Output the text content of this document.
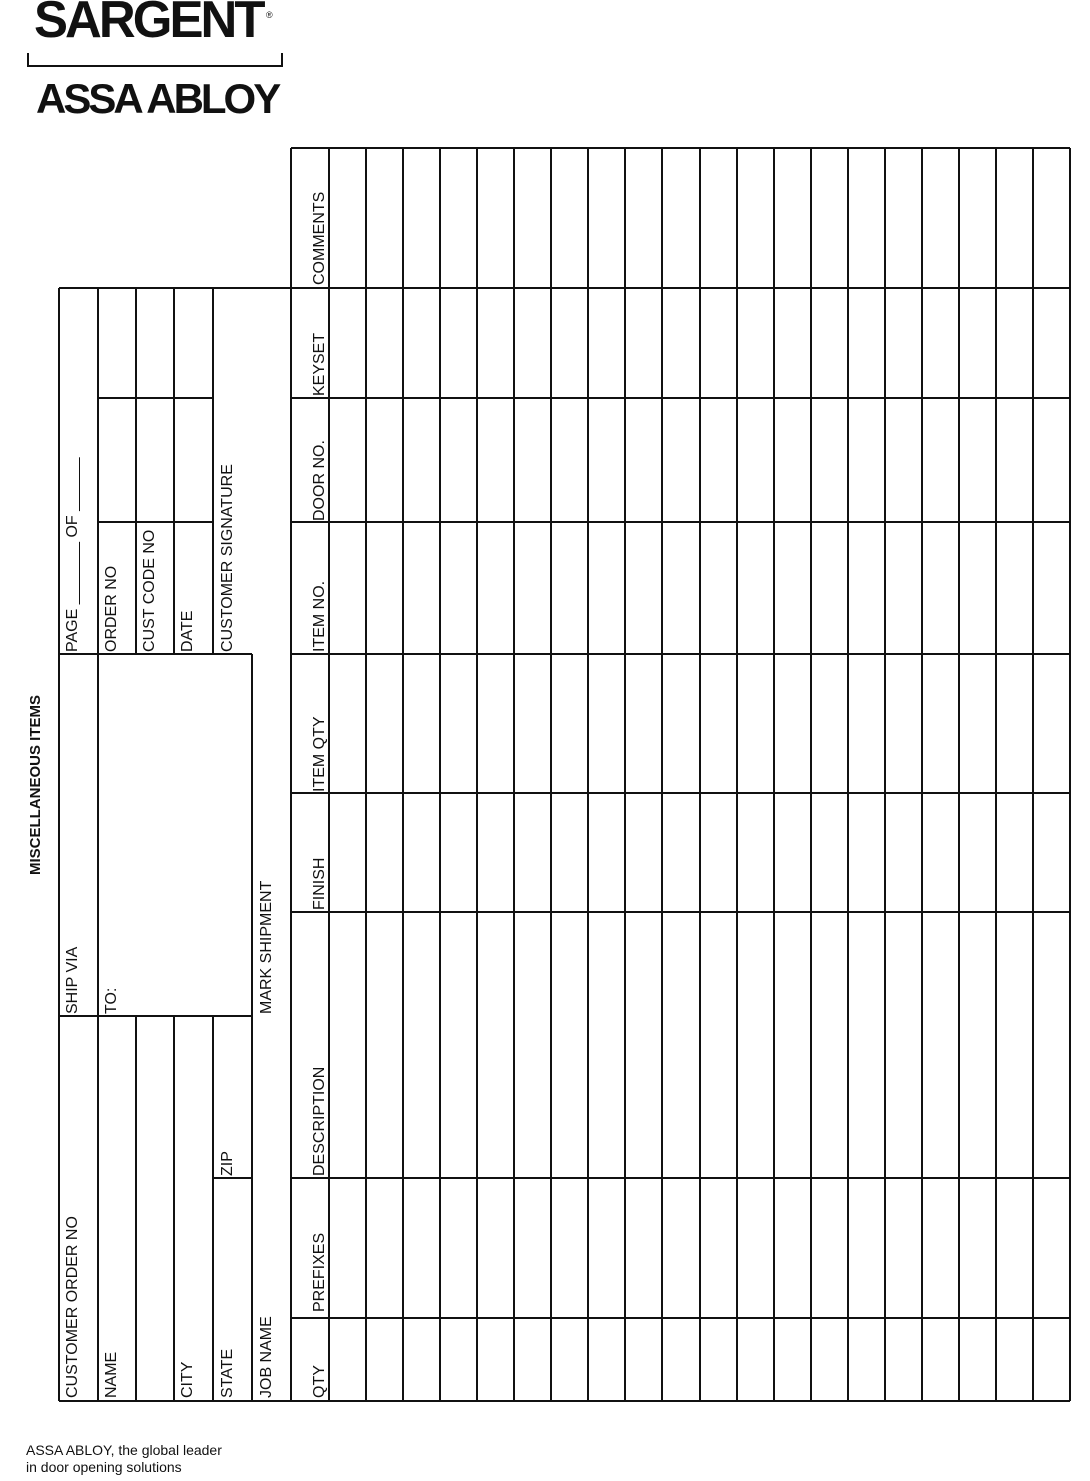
SARGENT ®
ASSA ABLOY
MISCELLANEOUS ITEMS
CUSTOMER ORDER NO
SHIP VIA
PAGE _______ OF ______
NAME
TO:
ORDER NO CUST CODE NO
CITY
DATE
STATE
ZIP
CUSTOMER SIGNATURE
JOB NAME
MARK SHIPMENT
QTY
PREFIXES
DESCRIPTION
FINISH
ITEM QTY
ITEM NO.
DOOR NO.
KEYSET
COMMENTS
ASSA ABLOY, the global leader
in door opening solutions
